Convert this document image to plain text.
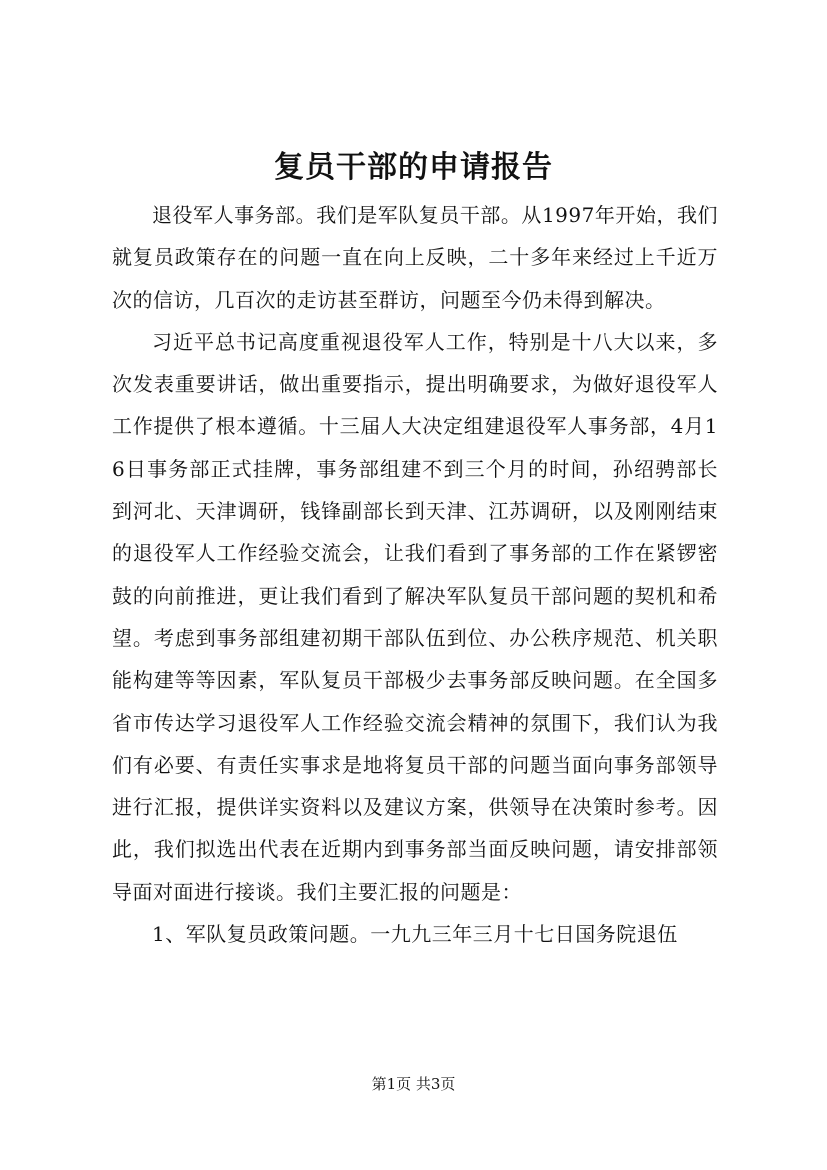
复员干部的申请报告

退役军人事务部。我们是军队复员干部。从1997年开始，我们就复员政策存在的问题一直在向上反映，二十多年来经过上千近万次的信访，几百次的走访甚至群访，问题至今仍未得到解决。

习近平总书记高度重视退役军人工作，特别是十八大以来，多次发表重要讲话，做出重要指示，提出明确要求，为做好退役军人工作提供了根本遵循。十三届人大决定组建退役军人事务部，4月16日事务部正式挂牌，事务部组建不到三个月的时间，孙绍骋部长到河北、天津调研，钱锋副部长到天津、江苏调研，以及刚刚结束的退役军人工作经验交流会，让我们看到了事务部的工作在紧锣密鼓的向前推进，更让我们看到了解决军队复员干部问题的契机和希望。考虑到事务部组建初期干部队伍到位、办公秩序规范、机关职能构建等等因素，军队复员干部极少去事务部反映问题。在全国多省市传达学习退役军人工作经验交流会精神的氛围下，我们认为我们有必要、有责任实事求是地将复员干部的问题当面向事务部领导进行汇报，提供详实资料以及建议方案，供领导在决策时参考。因此，我们拟选出代表在近期内到事务部当面反映问题，请安排部领导面对面进行接谈。我们主要汇报的问题是：

1、军队复员政策问题。一九九三年三月十七日国务院退伍

第1页 共3页
